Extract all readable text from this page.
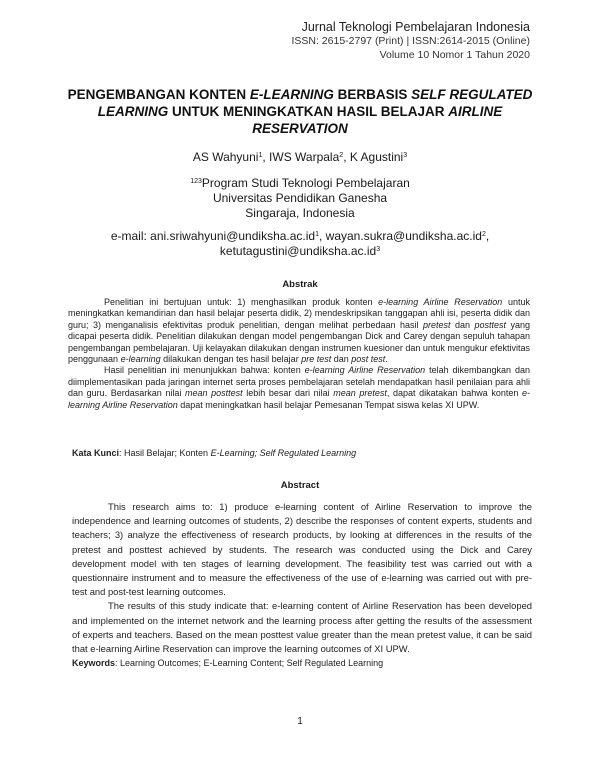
Jurnal Teknologi Pembelajaran Indonesia
ISSN: 2615-2797 (Print) | ISSN:2614-2015 (Online)
Volume 10 Nomor 1 Tahun 2020
PENGEMBANGAN KONTEN E-LEARNING BERBASIS SELF REGULATED LEARNING UNTUK MENINGKATKAN HASIL BELAJAR AIRLINE RESERVATION
AS Wahyuni$^1$, IWS Warpala$^2$, K Agustini$^3$
$^{123}$Program Studi Teknologi Pembelajaran
Universitas Pendidikan Ganesha
Singaraja, Indonesia
e-mail: $ani.sriwahyuni@undiksha.ac.id^1$, $wayan.sukra@undiksha.ac.id^2$,
$ketutagustini@undiksha.ac.id^3$
Abstrak

Penelitian ini bertujuan untuk: 1) menghasilkan produk konten e-learning Airline Reservation untuk meningkatkan kemandirian dan hasil belajar peserta didik, 2) mendeskripsikan tanggapan ahli isi, peserta didik dan guru; 3) menganalisis efektivitas produk penelitian, dengan melihat perbedaan hasil pretest dan posttest yang dicapai peserta didik. Penelitian dilakukan dengan model pengembangan Dick and Carey dengan sepuluh tahapan pengembangan pembelajaran. Uji kelayakan dilakukan dengan instrumen kuesioner dan untuk mengukur efektivitas penggunaan e-learning dilakukan dengan tes hasil belajar pre test dan post test.

Hasil penelitian ini menunjukkan bahwa: konten e-learning Airline Reservation telah dikembangkan dan diimplementasikan pada jaringan internet serta proses pembelajaran setelah mendapatkan hasil penilaian para ahli dan guru. Berdasarkan nilai mean posttest lebih besar dari nilai mean pretest, dapat dikatakan bahwa konten e-learning Airline Reservation dapat meningkatkan hasil belajar Pemesanan Tempat siswa kelas XI UPW.

Kata Kunci: Hasil Belajar; Konten E-Learning; Self Regulated Learning
Abstract

This research aims to: 1) produce e-learning content of Airline Reservation to improve the independence and learning outcomes of students, 2) describe the responses of content experts, students and teachers; 3) analyze the effectiveness of research products, by looking at differences in the results of the pretest and posttest achieved by students. The research was conducted using the Dick and Carey development model with ten stages of learning development. The feasibility test was carried out with a questionnaire instrument and to measure the effectiveness of the use of e-learning was carried out with pre-test and post-test learning outcomes.

The results of this study indicate that: e-learning content of Airline Reservation has been developed and implemented on the internet network and the learning process after getting the results of the assessment of experts and teachers. Based on the mean posttest value greater than the mean pretest value, it can be said that e-learning Airline Reservation can improve the learning outcomes of XI UPW.

Keywords: Learning Outcomes; E-Learning Content; Self Regulated Learning
1
